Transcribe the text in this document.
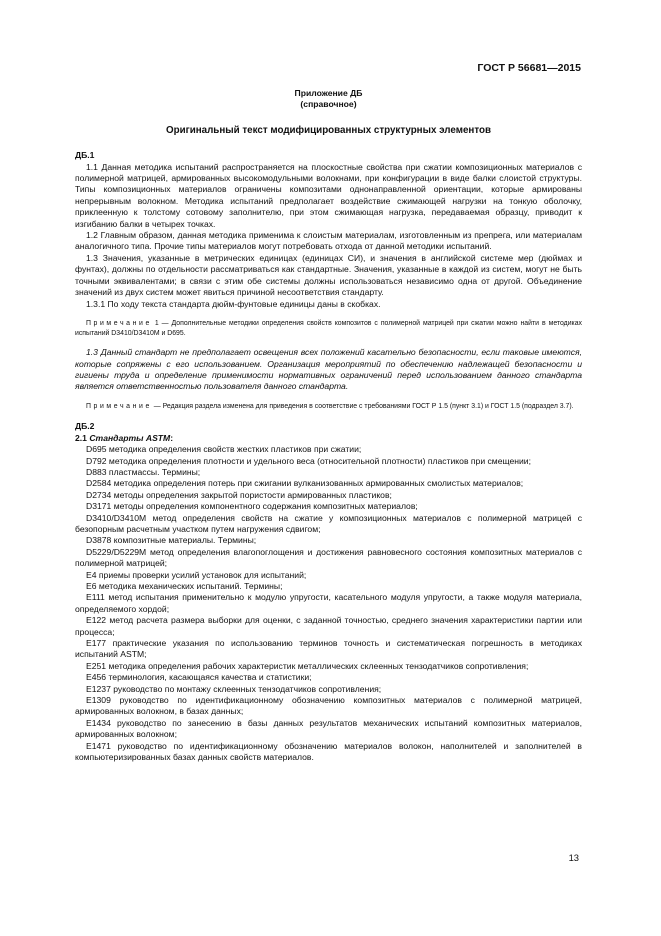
ГОСТ Р 56681—2015
Приложение ДБ
(справочное)
Оригинальный текст модифицированных структурных элементов
ДБ.1

1.1 Данная методика испытаний распространяется на плоскостные свойства при сжатии композиционных материалов с полимерной матрицей, армированных высокомодульными волокнами, при конфигурации в виде балки слоистой структуры. Типы композиционных материалов ограничены композитами однонаправленной ориентации, которые армированы непрерывным волокном. Методика испытаний предполагает воздействие сжимающей нагрузки на тонкую оболочку, приклеенную к толстому сотовому заполнителю, при этом сжимающая нагрузка, передаваемая образцу, приводит к изгибанию балки в четырех точках.

1.2 Главным образом, данная методика применима к слоистым материалам, изготовленным из препрега, или материалам аналогичного типа. Прочие типы материалов могут потребовать отхода от данной методики испытаний.

1.3 Значения, указанные в метрических единицах (единицах СИ), и значения в английской системе мер (дюймах и фунтах), должны по отдельности рассматриваться как стандартные. Значения, указанные в каждой из систем, могут не быть точными эквивалентами; в связи с этим обе системы должны использоваться независимо одна от другой. Объединение значений из двух систем может явиться причиной несоответствия стандарту.

1.3.1 По ходу текста стандарта дюйм-фунтовые единицы даны в скобках.

Примечание 1 — Дополнительные методики определения свойств композитов с полимерной матрицей при сжатии можно найти в методиках испытаний D3410/D3410M и D695.

1.3 Данный стандарт не предполагает освещения всех положений касательно безопасности, если таковые имеются, которые сопряжены с его использованием. Организация мероприятий по обеспечению надлежащей безопасности и гигиены труда и определение применимости нормативных ограничений перед использованием данного стандарта является ответственностью пользователя данного стандарта.

Примечание — Редакция раздела изменена для приведения в соответствие с требованиями ГОСТ Р 1.5 (пункт 3.1) и ГОСТ 1.5 (подраздел 3.7).

ДБ.2
2.1 Стандарты ASTM:

D695 методика определения свойств жестких пластиков при сжатии;

D792 методика определения плотности и удельного веса (относительной плотности) пластиков при смещении;

D883 пластмассы. Термины;

D2584 методика определения потерь при сжигании вулканизованных армированных смолистых материалов;

D2734 методы определения закрытой пористости армированных пластиков;

D3171 методы определения компонентного содержания композитных материалов;

D3410/D3410M метод определения свойств на сжатие у композиционных материалов с полимерной матрицей с безопорным расчетным участком путем нагружения сдвигом;

D3878 композитные материалы. Термины;

D5229/D5229M метод определения влагопоглощения и достижения равновесного состояния композитных материалов с полимерной матрицей;

E4 приемы проверки усилий установок для испытаний;

E6 методика механических испытаний. Термины;

E111 метод испытания применительно к модулю упругости, касательного модуля упругости, а также модуля материала, определяемого хордой;

E122 метод расчета размера выборки для оценки, с заданной точностью, среднего значения характеристики партии или процесса;

E177 практические указания по использованию терминов точность и систематическая погрешность в методиках испытаний ASTM;

E251 методика определения рабочих характеристик металлических склеенных тензодатчиков сопротивления;

E456 терминология, касающаяся качества и статистики;

E1237 руководство по монтажу склеенных тензодатчиков сопротивления;

E1309 руководство по идентификационному обозначению композитных материалов с полимерной матрицей, армированных волокном, в базах данных;

E1434 руководство по занесению в базы данных результатов механических испытаний композитных материалов, армированных волокном;

E1471 руководство по идентификационному обозначению материалов волокон, наполнителей и заполнителей в компьютеризированных базах данных свойств материалов.

13
